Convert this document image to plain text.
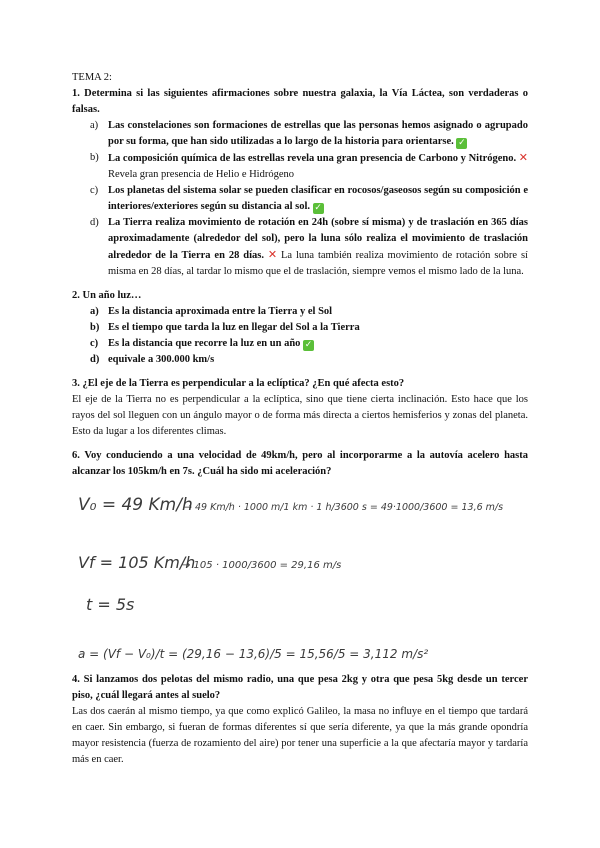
TEMA 2:

1. Determina si las siguientes afirmaciones sobre nuestra galaxia, la Vía Láctea, son verdaderas o falsas.

a) Las constelaciones son formaciones de estrellas que las personas hemos asignado o agrupado por su forma, que han sido utilizadas a lo largo de la historia para orientarse. ✓
b) La composición química de las estrellas revela una gran presencia de Carbono y Nitrógeno. ✕ Revela gran presencia de Helio e Hidrógeno
c) Los planetas del sistema solar se pueden clasificar en rocosos/gaseosos según su composición e interiores/exteriores según su distancia al sol. ✓
d) La Tierra realiza movimiento de rotación en 24h (sobre sí misma) y de traslación en 365 días aproximadamente (alrededor del sol), pero la luna sólo realiza el movimiento de traslación alrededor de la Tierra en 28 días. ✕ La luna también realiza movimiento de rotación sobre sí misma en 28 días, al tardar lo mismo que el de traslación, siempre vemos el mismo lado de la luna.

2. Un año luz…

a) Es la distancia aproximada entre la Tierra y el Sol
b) Es el tiempo que tarda la luz en llegar del Sol a la Tierra
c) Es la distancia que recorre la luz en un año ✓
d) equivale a 300.000 km/s

3. ¿El eje de la Tierra es perpendicular a la eclíptica? ¿En qué afecta esto?

El eje de la Tierra no es perpendicular a la eclíptica, sino que tiene cierta inclinación. Esto hace que los rayos del sol lleguen con un ángulo mayor o de forma más directa a ciertos hemisferios y zonas del planeta. Esto da lugar a los diferentes climas.

6. Voy conduciendo a una velocidad de 49km/h, pero al incorporarme a la autovía acelero hasta alcanzar los 105km/h en 7s. ¿Cuál ha sido mi aceleración?

V₀ = 49 Km/h
→ 49 Km/h · 1000 m/1 km · 1 h/3600 s = 49·1000/3600 = 13,6 m/s
Vf = 105 Km/h
→ 105 · 1000/3600 = 29,16 m/s
t = 5s
a = (Vf − V₀)/t = (29,16 − 13,6)/5 = 15,56/5 = 3,112 m/s²

4. Si lanzamos dos pelotas del mismo radio, una que pesa 2kg y otra que pesa 5kg desde un tercer piso, ¿cuál llegará antes al suelo?

Las dos caerán al mismo tiempo, ya que como explicó Galileo, la masa no influye en el tiempo que tardará en caer. Sin embargo, si fueran de formas diferentes sí que sería diferente, ya que la más grande opondría mayor resistencia (fuerza de rozamiento del aire) por tener una superficie a la que afectaría mayor y tardaría más en caer.
